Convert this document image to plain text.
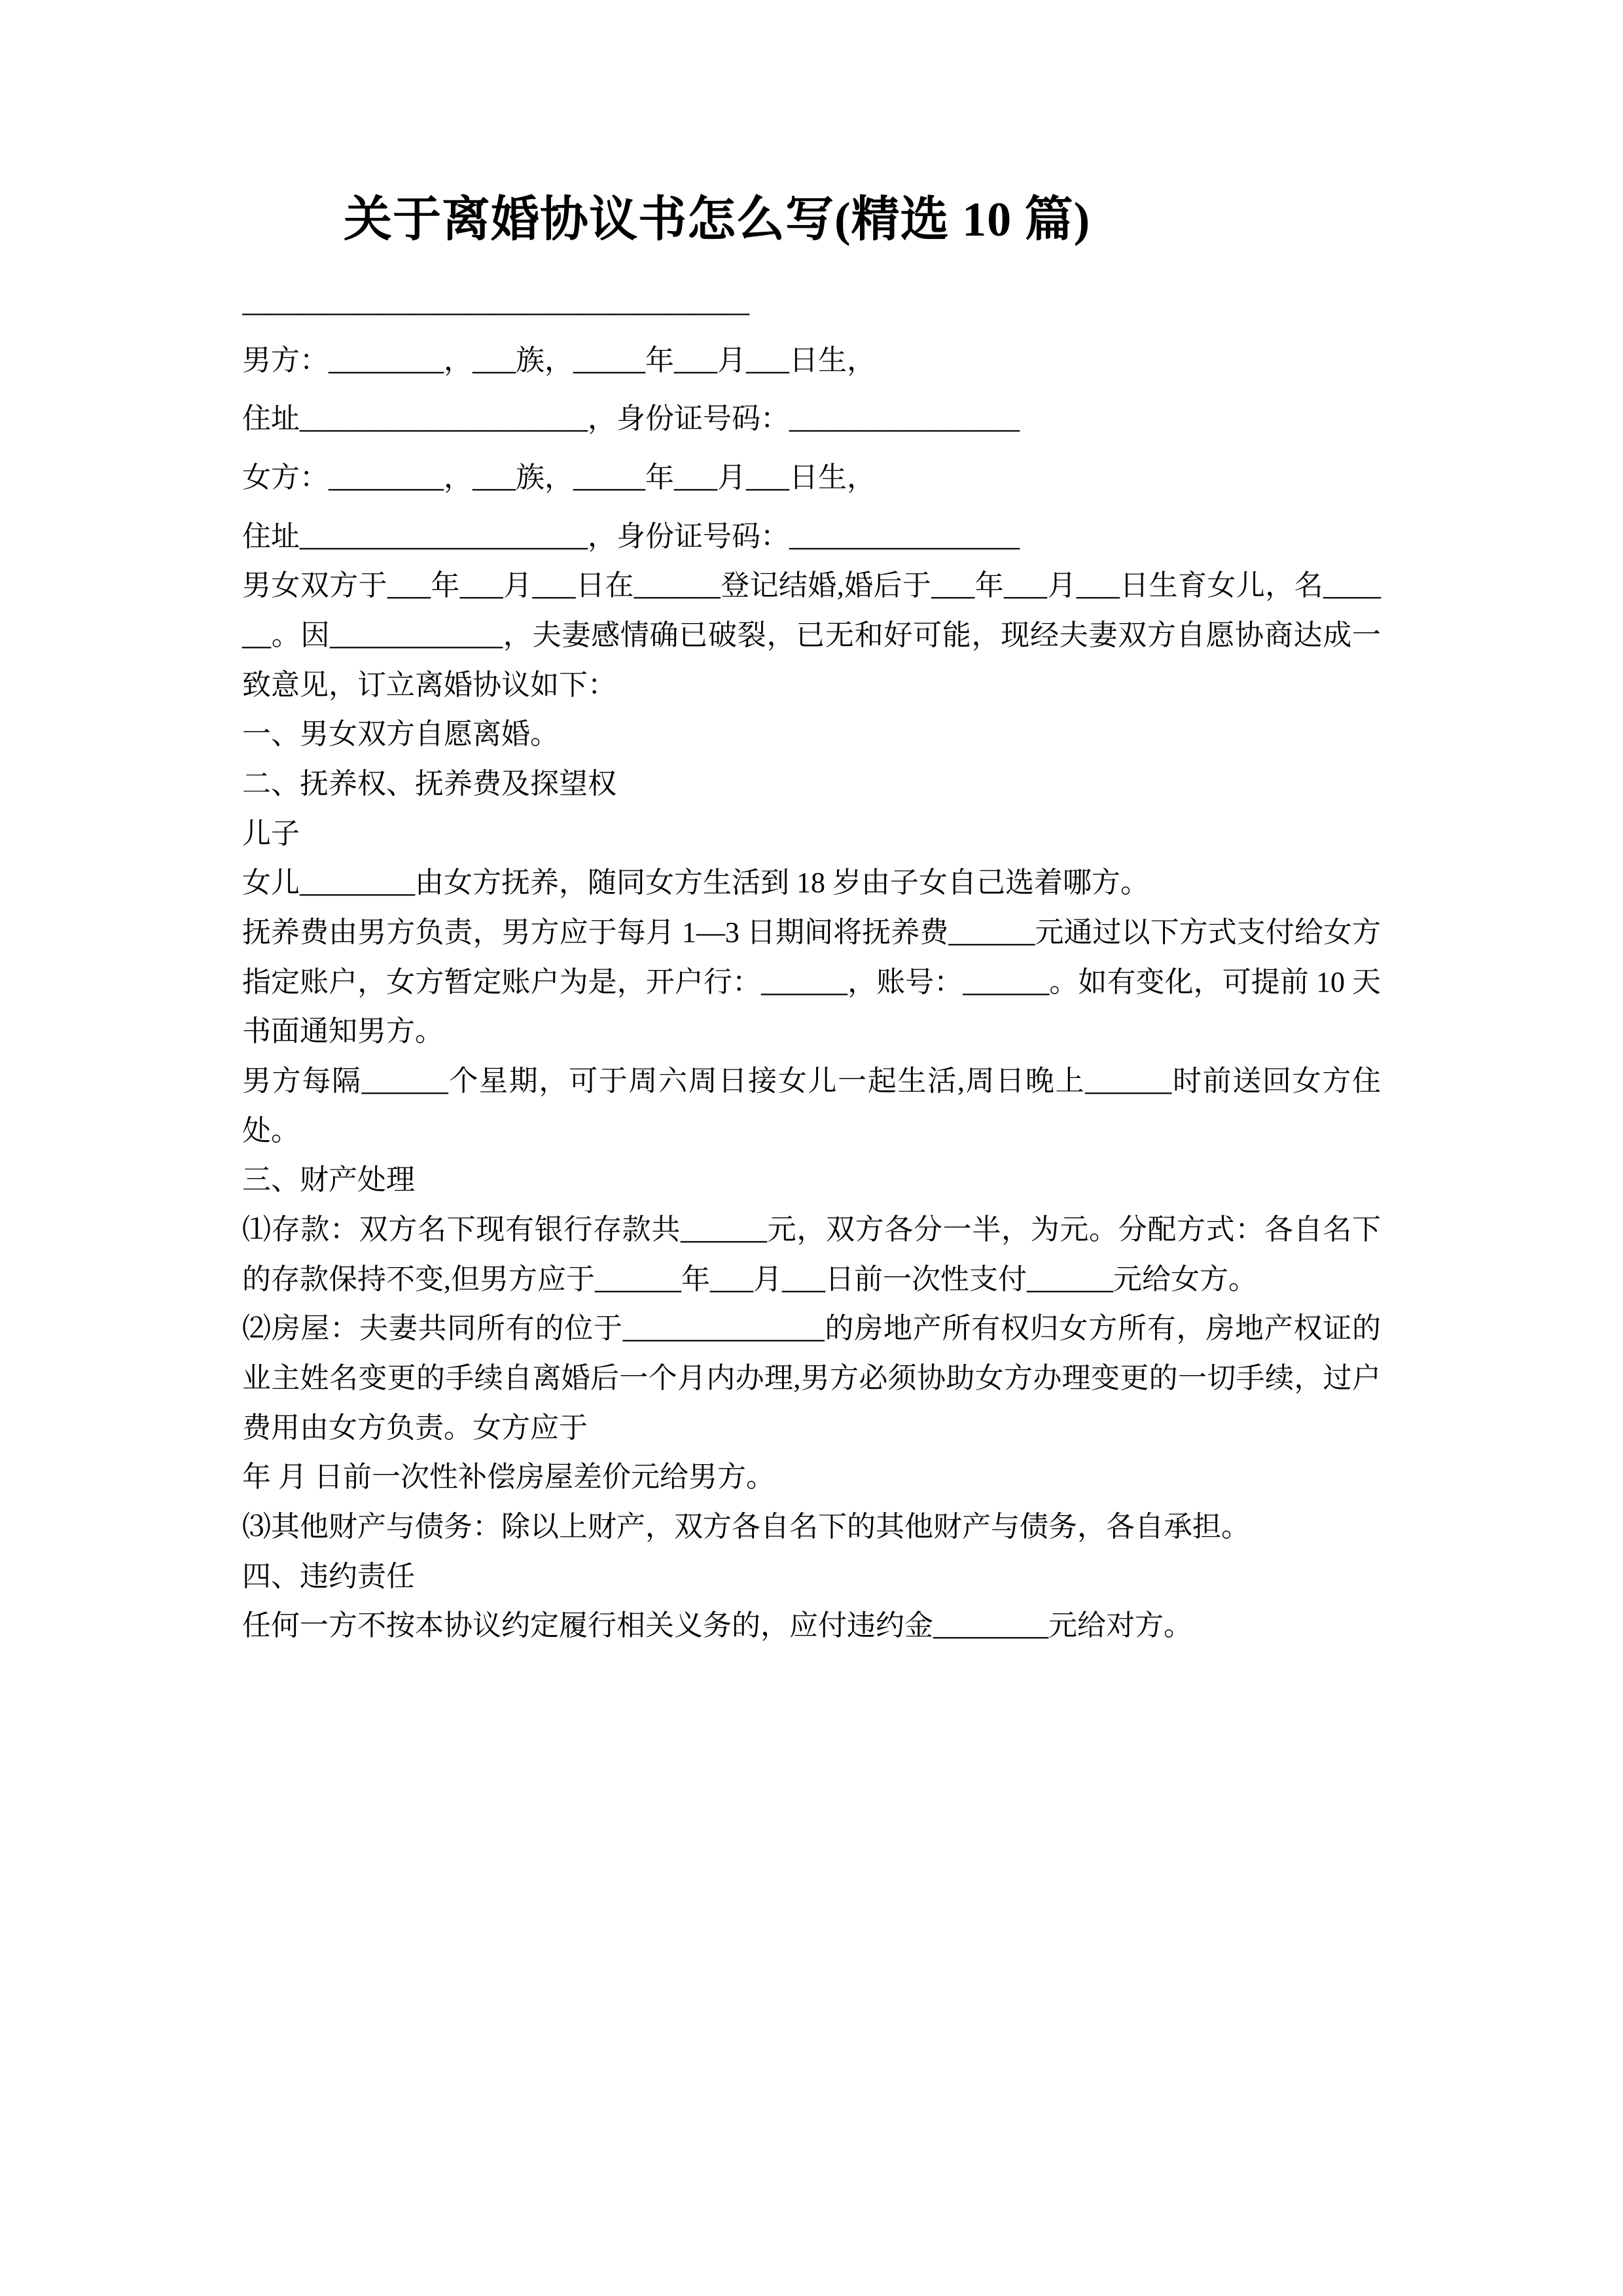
关于离婚协议书怎么写(精选 10 篇)
——————————————————

男方：________，___族，_____年___月___日生，

住址____________________，身份证号码：________________

女方：________，___族，_____年___月___日生，

住址____________________，身份证号码：________________

男女双方于___年___月___日在______登记结婚,婚后于___年___月___日生育女儿，名______。因____________，夫妻感情确已破裂，已无和好可能，现经夫妻双方自愿协商达成一致意见，订立离婚协议如下：

一、男女双方自愿离婚。

二、抚养权、抚养费及探望权

儿子

女儿________由女方抚养，随同女方生活到 18 岁由子女自己选着哪方。

抚养费由男方负责，男方应于每月 1—3 日期间将抚养费______元通过以下方式支付给女方指定账户，女方暂定账户为是，开户行：______，账号：______。如有变化，可提前 10 天书面通知男方。

男方每隔______个星期，可于周六周日接女儿一起生活,周日晚上______时前送回女方住处。

三、财产处理

⑴存款：双方名下现有银行存款共______元，双方各分一半，为元。分配方式：各自名下的存款保持不变,但男方应于______年___月___日前一次性支付______元给女方。

⑵房屋：夫妻共同所有的位于______________的房地产所有权归女方所有，房地产权证的业主姓名变更的手续自离婚后一个月内办理,男方必须协助女方办理变更的一切手续，过户费用由女方负责。女方应于

年 月 日前一次性补偿房屋差价元给男方。

⑶其他财产与债务：除以上财产，双方各自名下的其他财产与债务，各自承担。

四、违约责任

任何一方不按本协议约定履行相关义务的，应付违约金________元给对方。
